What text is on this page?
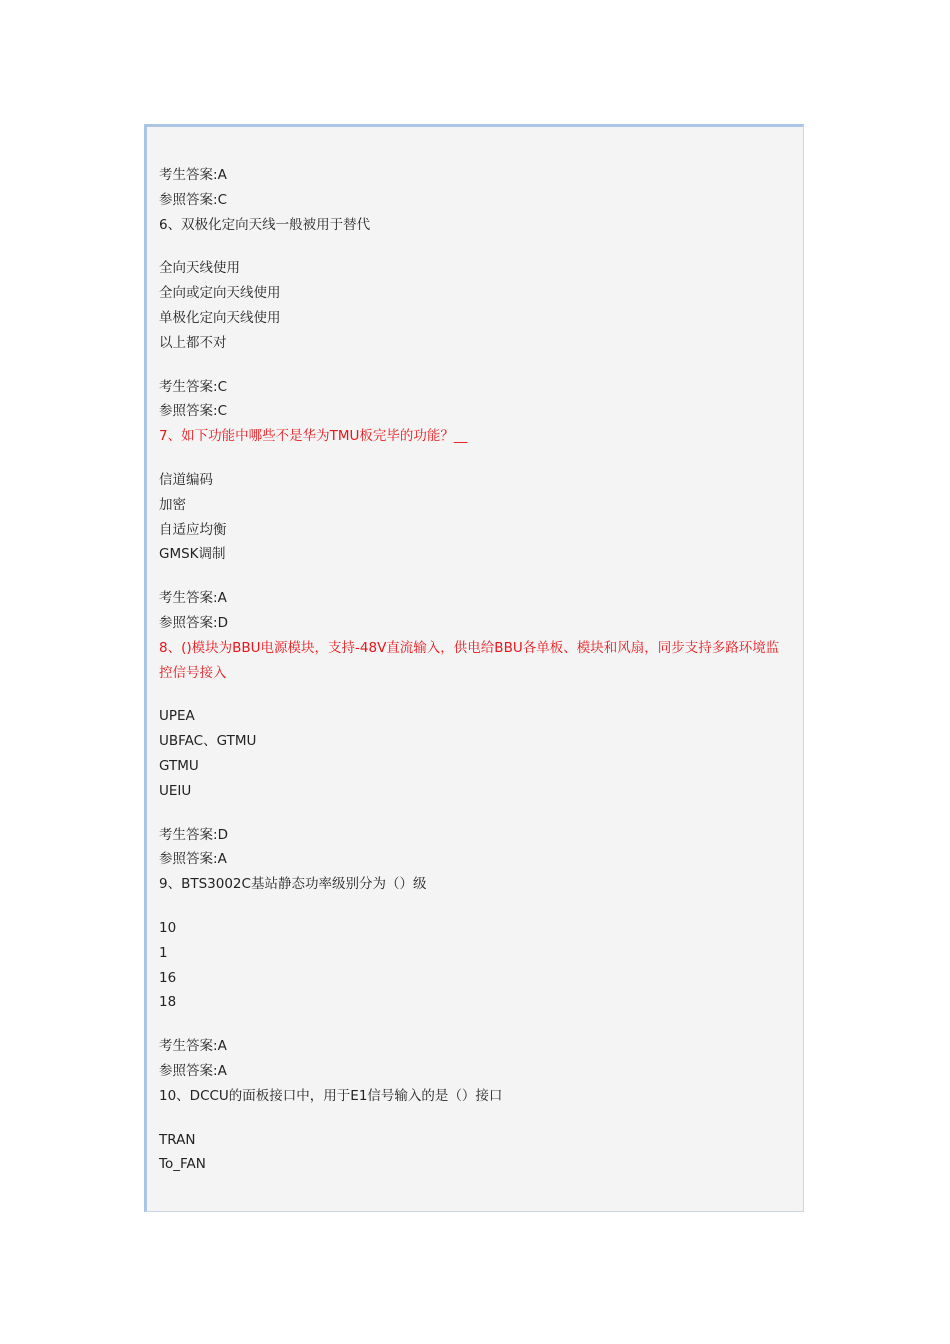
考生答案:A
参照答案:C
6、双极化定向天线一般被用于替代
全向天线使用
全向或定向天线使用
单极化定向天线使用
以上都不对
考生答案:C
参照答案:C
7、如下功能中哪些不是华为TMU板完毕的功能？__
信道编码
加密
自适应均衡
GMSK调制
考生答案:A
参照答案:D
8、()模块为BBU电源模块，支持-48V直流输入，供电给BBU各单板、模块和风扇，同步支持多路环境监控信号接入
UPEA
UBFAC、GTMU
GTMU
UEIU
考生答案:D
参照答案:A
9、BTS3002C基站静态功率级别分为（）级
10
1
16
18
考生答案:A
参照答案:A
10、DCCU的面板接口中，用于E1信号输入的是（）接口
TRAN
To_FAN
